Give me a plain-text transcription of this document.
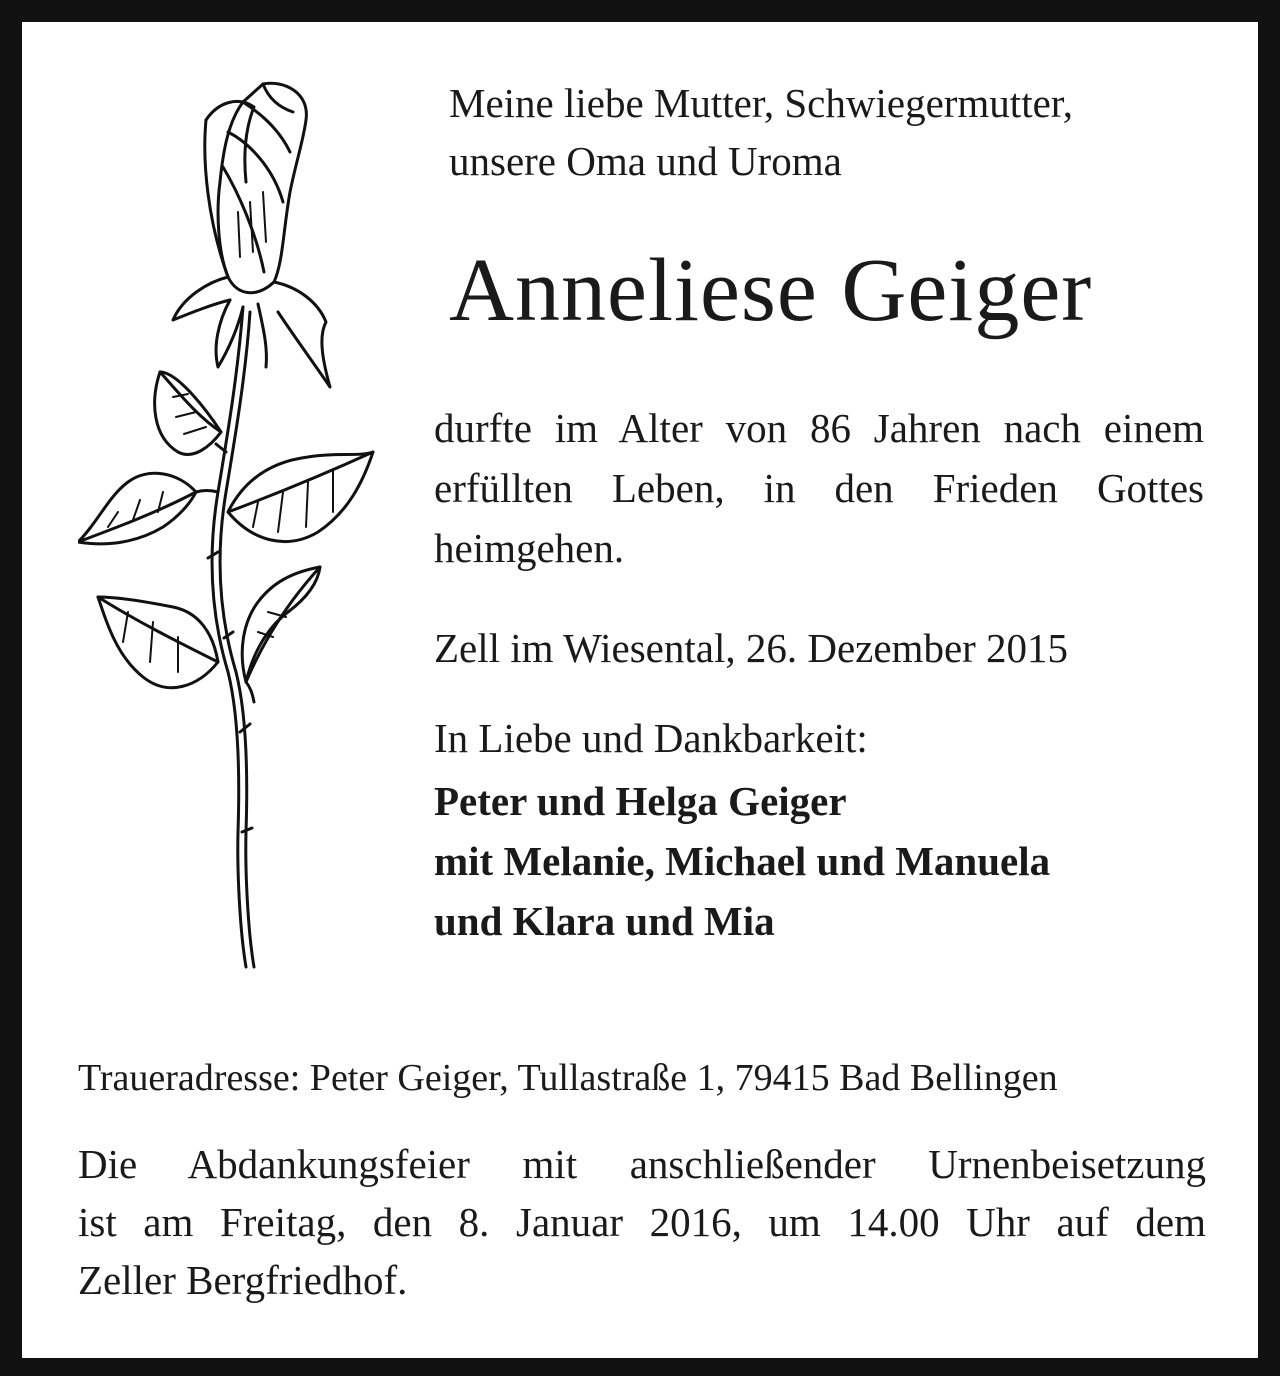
Meine liebe Mutter, Schwiegermutter,
unsere Oma und Uroma
Anneliese Geiger
durfte im Alter von 86 Jahren nach einem erfüllten Leben, in den Frieden Gottes heimgehen.
Zell im Wiesental, 26. Dezember 2015
In Liebe und Dankbarkeit:
Peter und Helga Geiger
mit Melanie, Michael und Manuela
und Klara und Mia
Traueradresse: Peter Geiger, Tullastraße 1, 79415 Bad Bellingen
Die Abdankungsfeier mit anschließender Urnenbeisetzung
ist am Freitag, den 8. Januar 2016, um 14.00 Uhr auf dem
Zeller Bergfriedhof.
